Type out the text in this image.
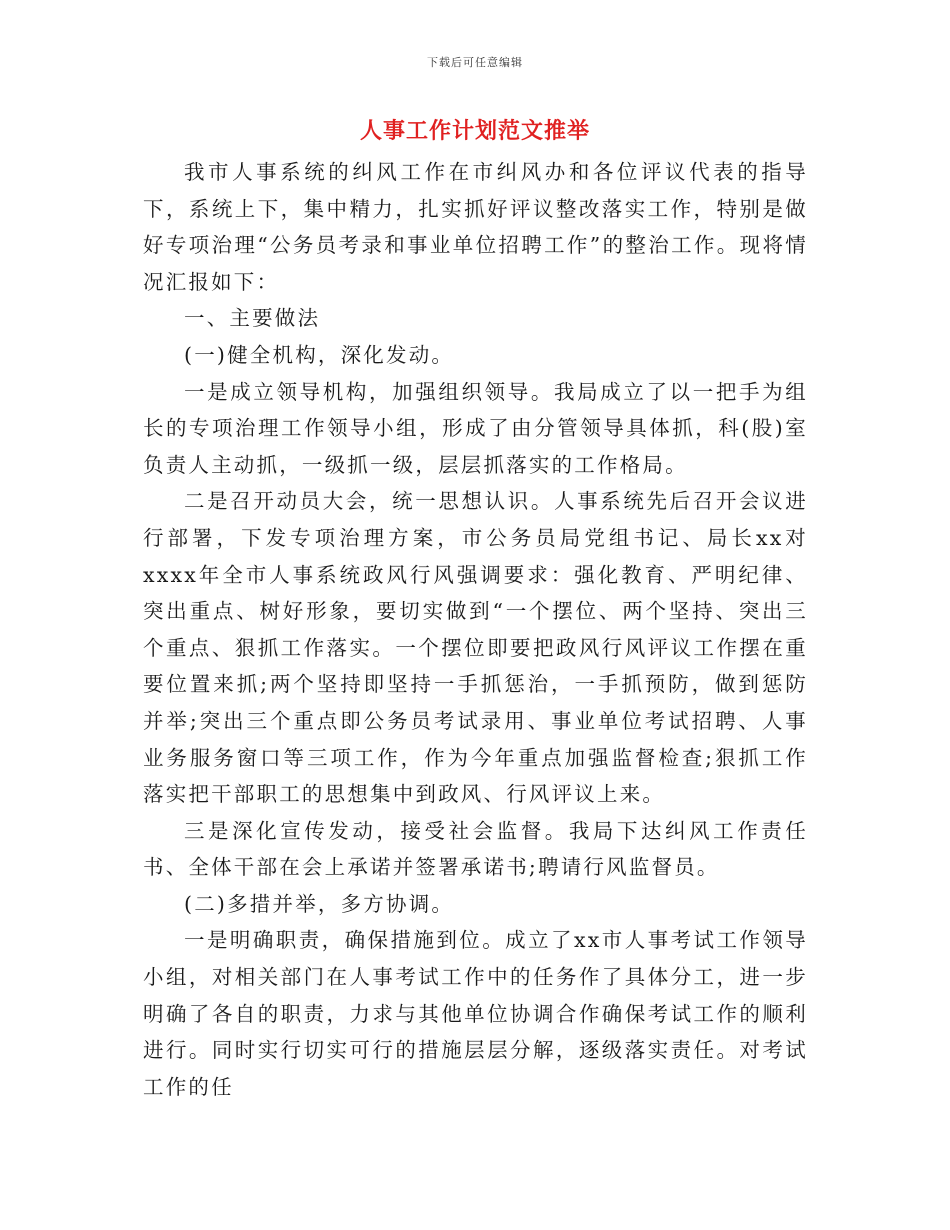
下载后可任意编辑
人事工作计划范文推举

我市人事系统的纠风工作在市纠风办和各位评议代表的指导下，系统上下，集中精力，扎实抓好评议整改落实工作，特别是做好专项治理“公务员考录和事业单位招聘工作”的整治工作。现将情况汇报如下：

一、主要做法

(一)健全机构，深化发动。

一是成立领导机构，加强组织领导。我局成立了以一把手为组长的专项治理工作领导小组，形成了由分管领导具体抓，科(股)室负责人主动抓，一级抓一级，层层抓落实的工作格局。

二是召开动员大会，统一思想认识。人事系统先后召开会议进行部署，下发专项治理方案，市公务员局党组书记、局长xx对xxxx年全市人事系统政风行风强调要求：强化教育、严明纪律、突出重点、树好形象，要切实做到“一个摆位、两个坚持、突出三个重点、狠抓工作落实。一个摆位即要把政风行风评议工作摆在重要位置来抓;两个坚持即坚持一手抓惩治，一手抓预防，做到惩防并举;突出三个重点即公务员考试录用、事业单位考试招聘、人事业务服务窗口等三项工作，作为今年重点加强监督检查;狠抓工作落实把干部职工的思想集中到政风、行风评议上来。

三是深化宣传发动，接受社会监督。我局下达纠风工作责任书、全体干部在会上承诺并签署承诺书;聘请行风监督员。

(二)多措并举，多方协调。

一是明确职责，确保措施到位。成立了xx市人事考试工作领导小组，对相关部门在人事考试工作中的任务作了具体分工，进一步明确了各自的职责，力求与其他单位协调合作确保考试工作的顺利进行。同时实行切实可行的措施层层分解，逐级落实责任。对考试工作的任
